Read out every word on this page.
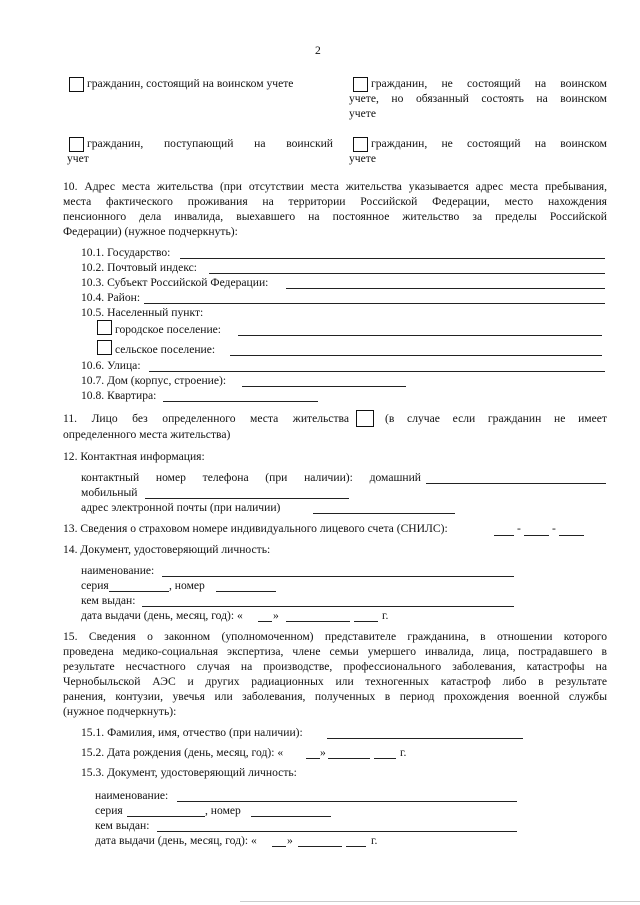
2
гражданин, состоящий на воинском учете	гражданин, не состоящий на воинском
учете, но обязанный состоять на воинском
учете
гражданин, поступающий на воинский
учет
гражданин, не состоящий на воинском
учете
10. Адрес места жительства (при отсутствии места жительства указывается адрес места пребывания,
места фактического проживания на территории Российской Федерации, место нахождения
пенсионного дела инвалида, выехавшего на постоянное жительство за пределы Российской
Федерации) (нужное подчеркнуть):
10.1. Государство:
10.2. Почтовый индекс:
10.3. Субъект Российской Федерации:
10.4. Район:
10.5. Населенный пункт:
городское поселение:
сельское поселение:
10.6. Улица:
10.7. Дом (корпус, строение):
10.8. Квартира:
11. Лицо без определенного места жительства	(в случае если гражданин не имеет
определенного места жительства)
12. Контактная информация:
контактный номер телефона (при наличии): домашний
мобильный
адрес электронной почты (при наличии)
13. Сведения о страховом номере индивидуального лицевого счета (СНИЛС):	-	-
14. Документ, удостоверяющий личность:
наименование:
серия	, номер
кем выдан:
дата выдачи (день, месяц, год): «	»	г.
15. Сведения о законном (уполномоченном) представителе гражданина, в отношении которого
проведена медико-социальная экспертиза, члене семьи умершего инвалида, лица, пострадавшего в
результате несчастного случая на производстве, профессионального заболевания, катастрофы на
Чернобыльской АЭС и других радиационных или техногенных катастроф либо в результате
ранения, контузии, увечья или заболевания, полученных в период прохождения военной службы
(нужное подчеркнуть):
15.1. Фамилия, имя, отчество (при наличии):
15.2. Дата рождения (день, месяц, год): «	»	г.
15.3. Документ, удостоверяющий личность:
наименование:
серия	, номер
кем выдан:
дата выдачи (день, месяц, год): «	»	г.
